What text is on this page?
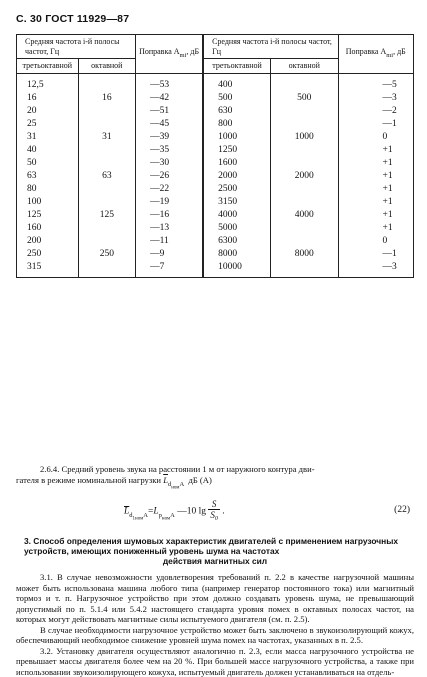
С. 30 ГОСТ 11929—87
Средняя частота i-й полосы частот, Гц		Поправка $A_{mi}$, дБ	Средняя частота i-й полосы частот, Гц		Поправка $A_{mi}$, дБ
третьоктавной	октавной		третьоктавной	октавной	
12,5		—53	400		—5
16	16	—42	500	500	—3
20		—51	630		—2
25		—45	800		—1
31	31	—39	1000	1000	0
40		—35	1250		+1
50		—30	1600		+1
63	63	—26	2000	2000	+1
80		—22	2500		+1
100		—19	3150		+1
125	125	—16	4000	4000	+1
160		—13	5000		+1
200		—11	6300		0
250	250	—9	8000	8000	—1
315		—7	10000		—3
2.6.4. Средний уровень звука на расстоянии 1 м от наружного контура дви-
гателя в режиме номинальной нагрузки $\overline{L}_{d_{ном}A}$ дБ (А)
$\overline{L}_{d_{1ном}A}=L_{p_{ном}A}$ —10 $\lg \frac{S}{S_0}$ .	(22)
3. Способ определения шумовых характеристик двигателей с применением нагрузочных устройств, имеющих пониженный уровень шума на частотах
действия магнитных сил

3.1. В случае невозможности удовлетворения требований п. 2.2 в качестве нагрузочной машины может быть использована машина любого типа (например генератор постоянного тока) или магнитный тормоз и т. п. Нагрузочное устройство при этом должно создавать уровень шума, не превышающий допустимый по п. 5.1.4 или 5.4.2 настоящего стандарта уровня помех в октавных полосах частот, на которых могут действовать магнитные силы испытуемого двигателя (см. п. 2.5).

В случае необходимости нагрузочное устройство может быть заключено в звукоизолирующий кожух, обеспечивающий необходимое снижение уровней шума помех на частотах, указанных в п. 2.5.

3.2. Установку двигателя осуществляют аналогично п. 2.3, если масса нагрузочного устройства не превышает массы двигателя более чем на 20 %. При большей массе нагрузочного устройства, а также при использовании звукоизолирующего кожуха, испытуемый двигатель должен устанавливаться на отдель-
